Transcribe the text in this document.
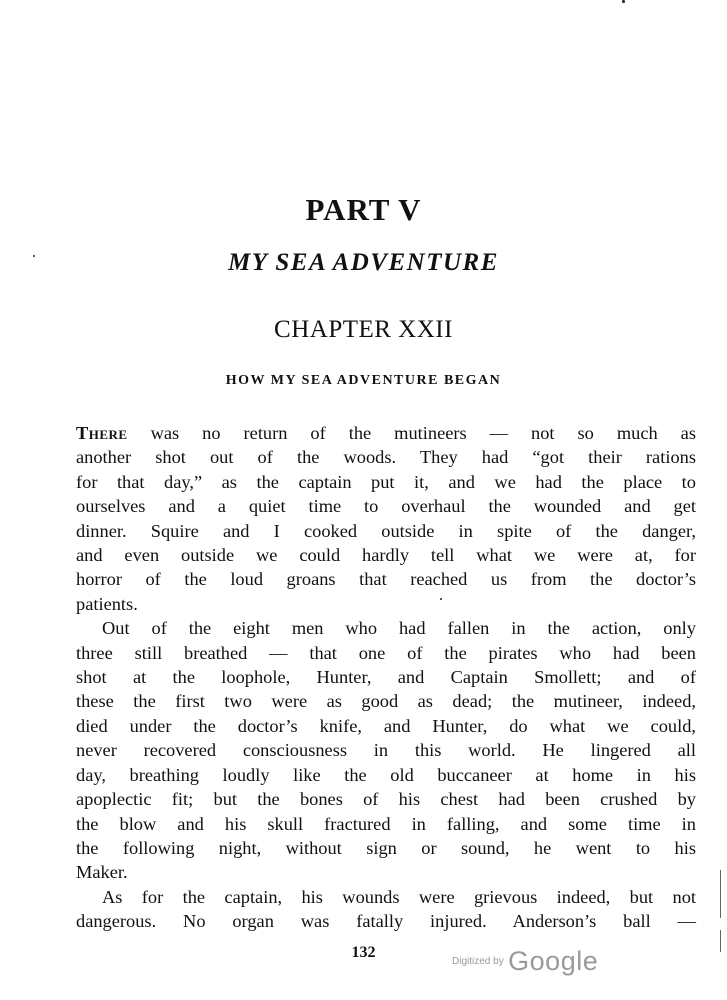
PART V
MY SEA ADVENTURE
CHAPTER XXII
HOW MY SEA ADVENTURE BEGAN

There was no return of the mutineers — not so much as
another shot out of the woods. They had “got their rations
for that day,” as the captain put it, and we had the place to
ourselves and a quiet time to overhaul the wounded and get
dinner. Squire and I cooked outside in spite of the danger,
and even outside we could hardly tell what we were at, for
horror of the loud groans that reached us from the doctor’s
patients.

Out of the eight men who had fallen in the action, only
three still breathed — that one of the pirates who had been
shot at the loophole, Hunter, and Captain Smollett; and of
these the first two were as good as dead; the mutineer, indeed,
died under the doctor’s knife, and Hunter, do what we could,
never recovered consciousness in this world. He lingered all
day, breathing loudly like the old buccaneer at home in his
apoplectic fit; but the bones of his chest had been crushed by
the blow and his skull fractured in falling, and some time in
the following night, without sign or sound, he went to his
Maker.

As for the captain, his wounds were grievous indeed, but not
dangerous. No organ was fatally injured. Anderson’s ball —

132
Digitized by Google
